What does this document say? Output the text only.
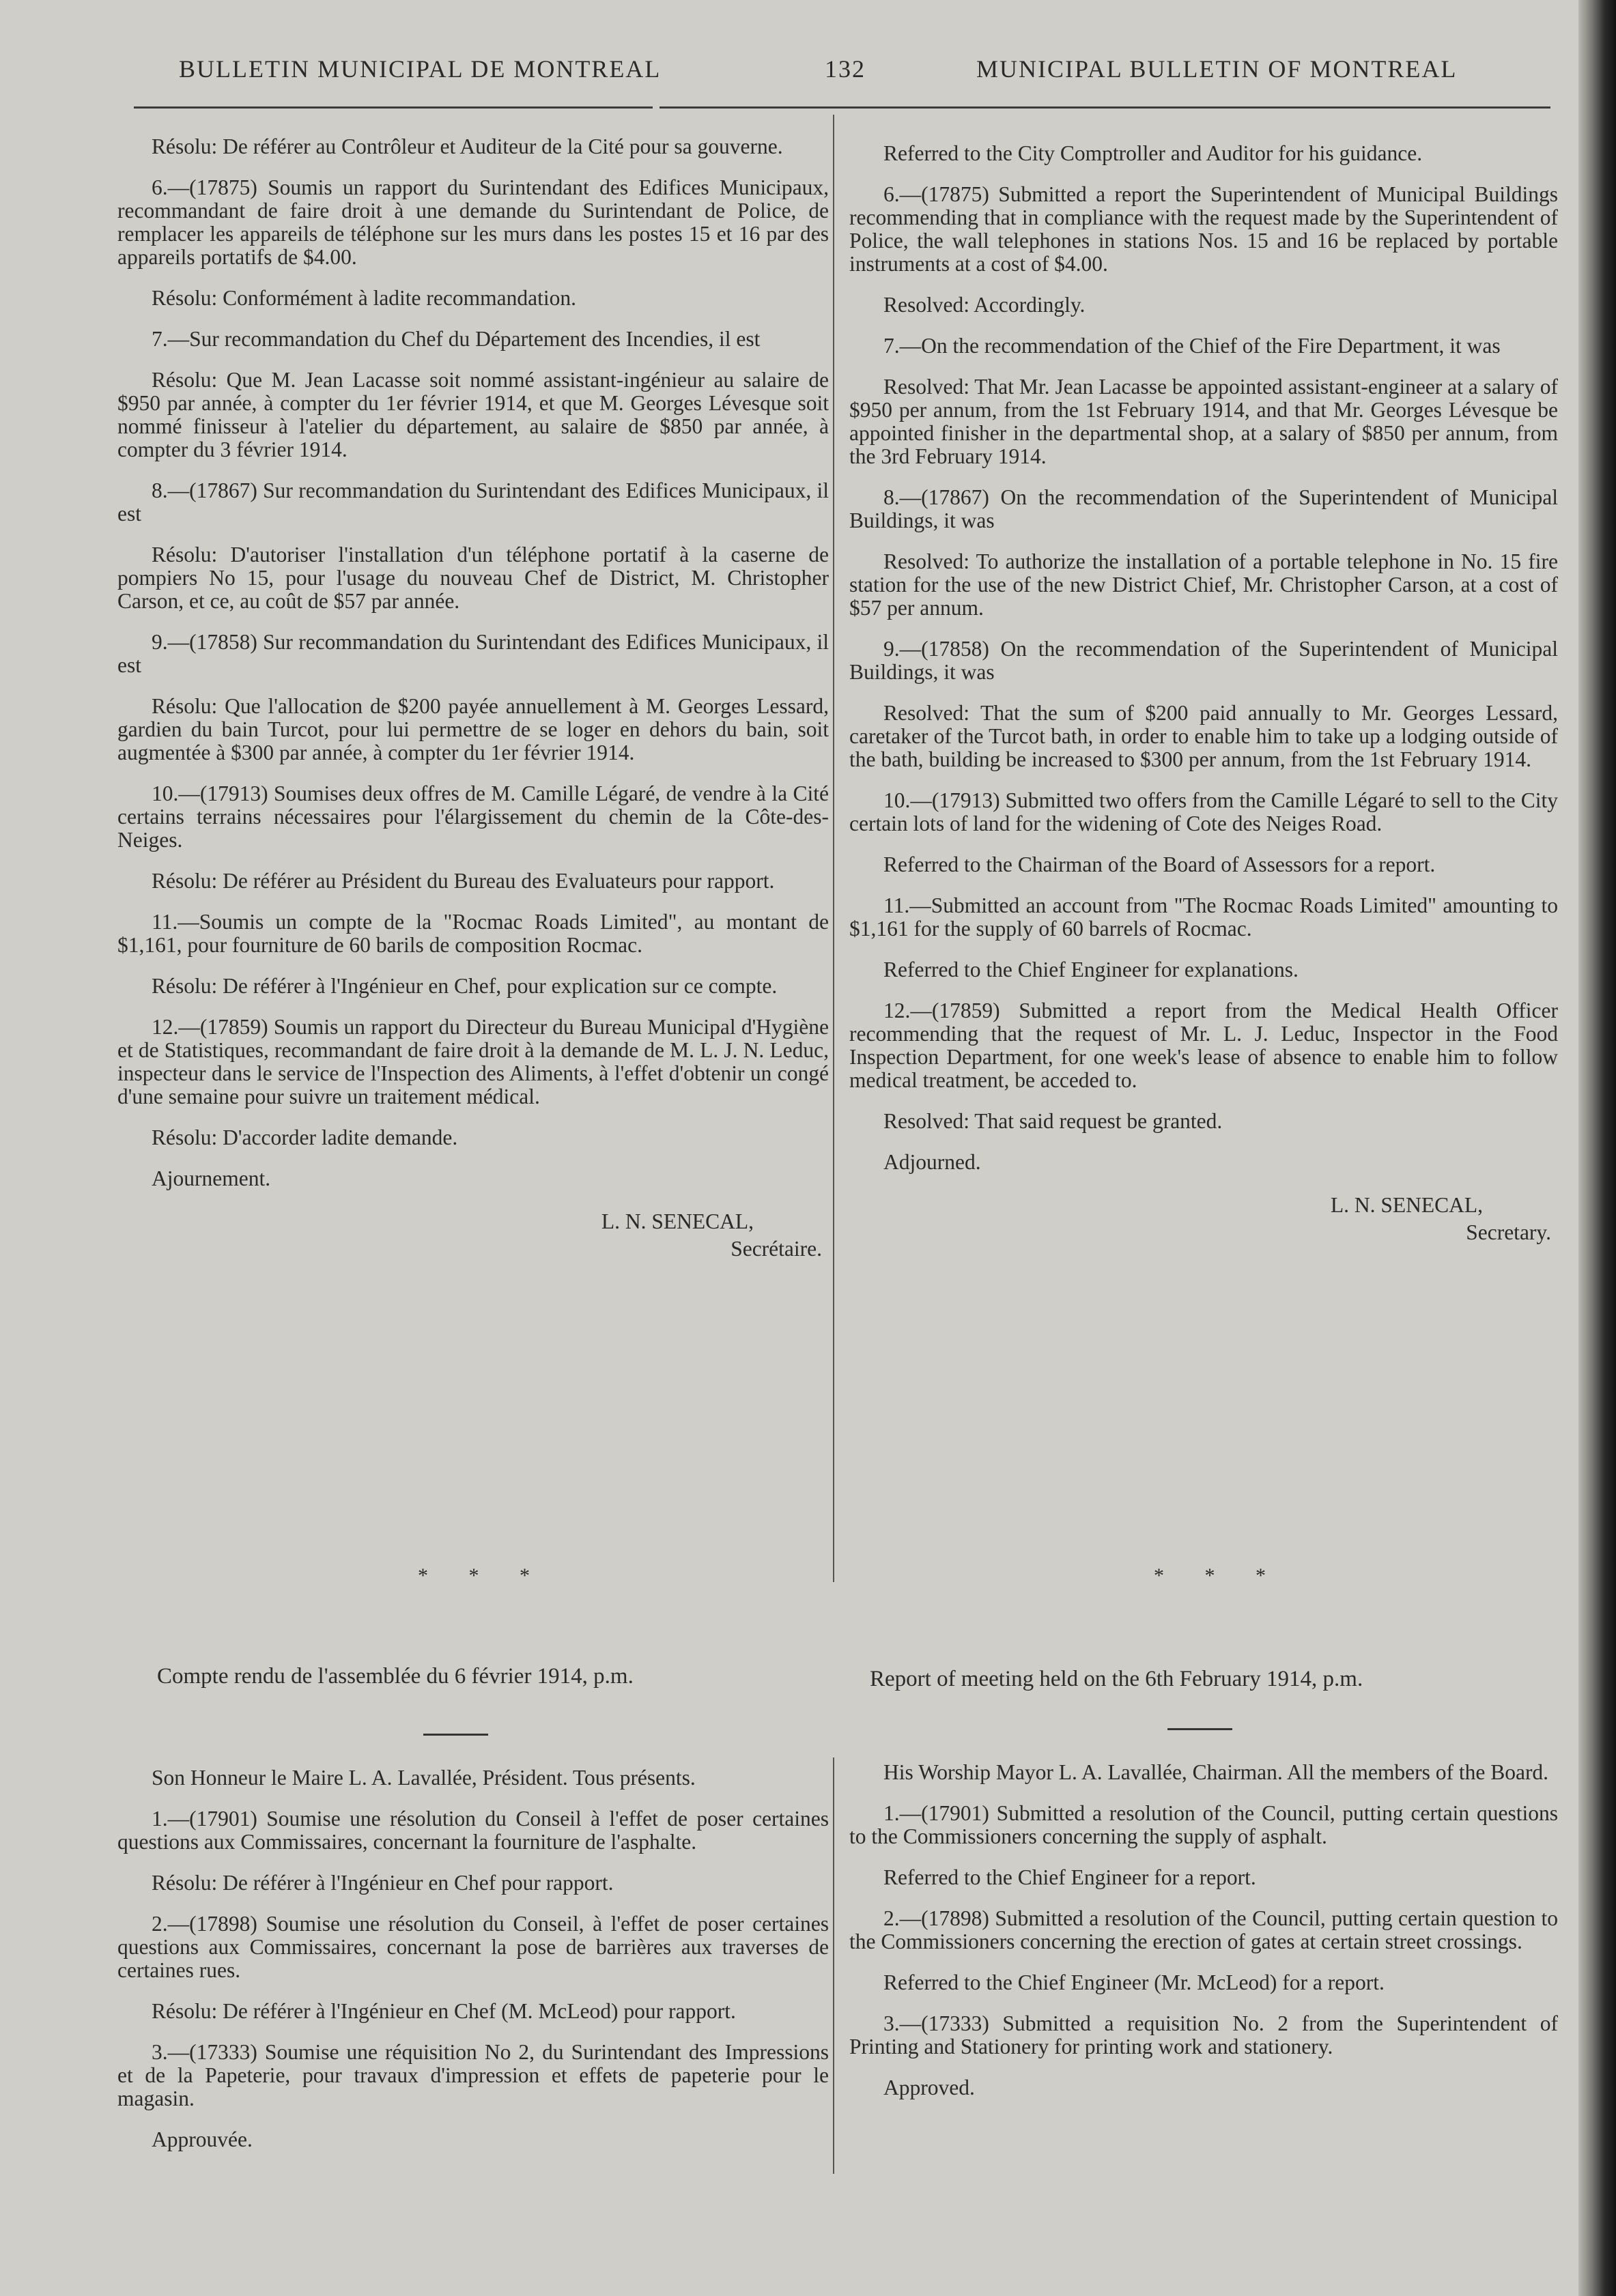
BULLETIN MUNICIPAL DE MONTREAL	132	MUNICIPAL BULLETIN OF MONTREAL

Résolu: De référer au Contrôleur et Auditeur de la Cité pour sa gouverne.

6.—(17875) Soumis un rapport du Surintendant des Edifices Municipaux, recommandant de faire droit à une demande du Surintendant de Police, de remplacer les appareils de téléphone sur les murs dans les postes 15 et 16 par des appareils portatifs de $4.00.

Résolu: Conformément à ladite recommandation.

7.—Sur recommandation du Chef du Département des Incendies, il est

Résolu: Que M. Jean Lacasse soit nommé assistant-ingénieur au salaire de $950 par année, à compter du 1er février 1914, et que M. Georges Lévesque soit nommé finisseur à l'atelier du département, au salaire de $850 par année, à compter du 3 février 1914.

8.—(17867) Sur recommandation du Surintendant des Edifices Municipaux, il est

Résolu: D'autoriser l'installation d'un téléphone portatif à la caserne de pompiers No 15, pour l'usage du nouveau Chef de District, M. Christopher Carson, et ce, au coût de $57 par année.

9.—(17858) Sur recommandation du Surintendant des Edifices Municipaux, il est

Résolu: Que l'allocation de $200 payée annuellement à M. Georges Lessard, gardien du bain Turcot, pour lui permettre de se loger en dehors du bain, soit augmentée à $300 par année, à compter du 1er février 1914.

10.—(17913) Soumises deux offres de M. Camille Légaré, de vendre à la Cité certains terrains nécessaires pour l'élargissement du chemin de la Côte-des-Neiges.

Résolu: De référer au Président du Bureau des Evaluateurs pour rapport.

11.—Soumis un compte de la "Rocmac Roads Limited", au montant de $1,161, pour fourniture de 60 barils de composition Rocmac.

Résolu: De référer à l'Ingénieur en Chef, pour explication sur ce compte.

12.—(17859) Soumis un rapport du Directeur du Bureau Municipal d'Hygiène et de Statistiques, recommandant de faire droit à la demande de M. L. J. N. Leduc, inspecteur dans le service de l'Inspection des Aliments, à l'effet d'obtenir un congé d'une semaine pour suivre un traitement médical.

Résolu: D'accorder ladite demande.

Ajournement.

L. N. SENECAL,
Secrétaire.

Referred to the City Comptroller and Auditor for his guidance.

6.—(17875) Submitted a report the Superintendent of Municipal Buildings recommending that in compliance with the request made by the Superintendent of Police, the wall telephones in stations Nos. 15 and 16 be replaced by portable instruments at a cost of $4.00.

Resolved: Accordingly.

7.—On the recommendation of the Chief of the Fire Department, it was

Resolved: That Mr. Jean Lacasse be appointed assistant-engineer at a salary of $950 per annum, from the 1st February 1914, and that Mr. Georges Lévesque be appointed finisher in the departmental shop, at a salary of $850 per annum, from the 3rd February 1914.

8.—(17867) On the recommendation of the Superintendent of Municipal Buildings, it was

Resolved: To authorize the installation of a portable telephone in No. 15 fire station for the use of the new District Chief, Mr. Christopher Carson, at a cost of $57 per annum.

9.—(17858) On the recommendation of the Superintendent of Municipal Buildings, it was

Resolved: That the sum of $200 paid annually to Mr. Georges Lessard, caretaker of the Turcot bath, in order to enable him to take up a lodging outside of the bath, building be increased to $300 per annum, from the 1st February 1914.

10.—(17913) Submitted two offers from the Camille Légaré to sell to the City certain lots of land for the widening of Cote des Neiges Road.

Referred to the Chairman of the Board of Assessors for a report.

11.—Submitted an account from "The Rocmac Roads Limited" amounting to $1,161 for the supply of 60 barrels of Rocmac.

Referred to the Chief Engineer for explanations.

12.—(17859) Submitted a report from the Medical Health Officer recommending that the request of Mr. L. J. Leduc, Inspector in the Food Inspection Department, for one week's lease of absence to enable him to follow medical treatment, be acceded to.

Resolved: That said request be granted.

Adjourned.

L. N. SENECAL,
Secretary.
* * *	* * *
Compte rendu de l'assemblée du 6 février 1914, p.m.	Report of meeting held on the 6th February 1914, p.m.

Son Honneur le Maire L. A. Lavallée, Président. Tous présents.

1.—(17901) Soumise une résolution du Conseil à l'effet de poser certaines questions aux Commissaires, concernant la fourniture de l'asphalte.

Résolu: De référer à l'Ingénieur en Chef pour rapport.

2.—(17898) Soumise une résolution du Conseil, à l'effet de poser certaines questions aux Commissaires, concernant la pose de barrières aux traverses de certaines rues.

Résolu: De référer à l'Ingénieur en Chef (M. McLeod) pour rapport.

3.—(17333) Soumise une réquisition No 2, du Surintendant des Impressions et de la Papeterie, pour travaux d'impression et effets de papeterie pour le magasin.

Approuvée.

His Worship Mayor L. A. Lavallée, Chairman. All the members of the Board.

1.—(17901) Submitted a resolution of the Council, putting certain questions to the Commissioners concerning the supply of asphalt.

Referred to the Chief Engineer for a report.

2.—(17898) Submitted a resolution of the Council, putting certain question to the Commissioners concerning the erection of gates at certain street crossings.

Referred to the Chief Engineer (Mr. McLeod) for a report.

3.—(17333) Submitted a requisition No. 2 from the Superintendent of Printing and Stationery for printing work and stationery.

Approved.
